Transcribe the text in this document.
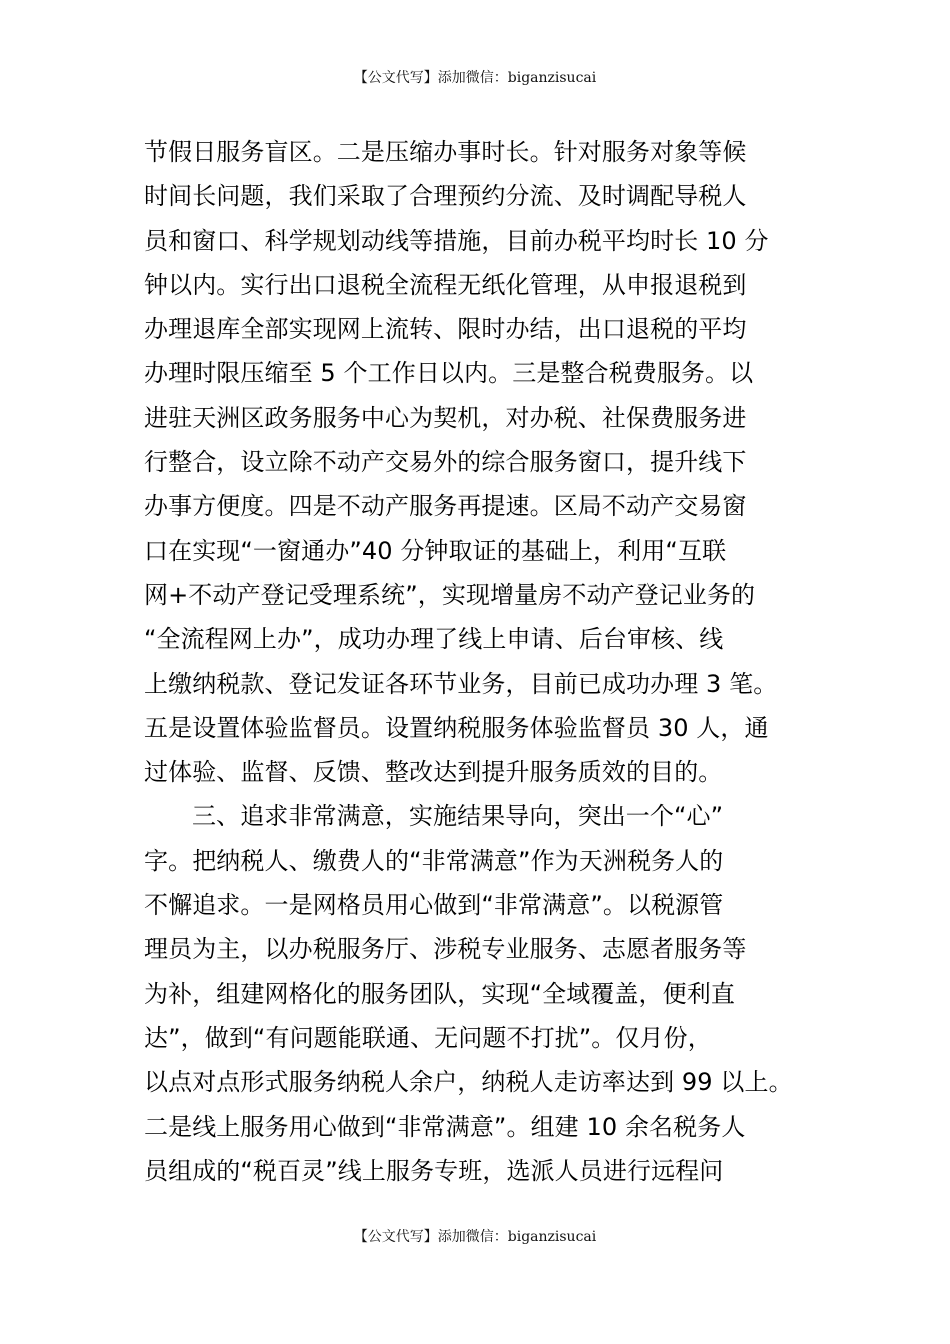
【公文代写】添加微信：biganzisucai
节假日服务盲区。二是压缩办事时长。针对服务对象等候
时间长问题，我们采取了合理预约分流、及时调配导税人
员和窗口、科学规划动线等措施，目前办税平均时长 10 分
钟以内。实行出口退税全流程无纸化管理，从申报退税到
办理退库全部实现网上流转、限时办结，出口退税的平均
办理时限压缩至 5 个工作日以内。三是整合税费服务。以
进驻天洲区政务服务中心为契机，对办税、社保费服务进
行整合，设立除不动产交易外的综合服务窗口，提升线下
办事方便度。四是不动产服务再提速。区局不动产交易窗
口在实现“一窗通办”40 分钟取证的基础上，利用“互联
网+不动产登记受理系统”，实现增量房不动产登记业务的
“全流程网上办”，成功办理了线上申请、后台审核、线
上缴纳税款、登记发证各环节业务，目前已成功办理 3 笔。
五是设置体验监督员。设置纳税服务体验监督员 30 人，通
过体验、监督、反馈、整改达到提升服务质效的目的。
三、追求非常满意，实施结果导向，突出一个“心”
字。把纳税人、缴费人的“非常满意”作为天洲税务人的
不懈追求。一是网格员用心做到“非常满意”。以税源管
理员为主，以办税服务厅、涉税专业服务、志愿者服务等
为补，组建网格化的服务团队，实现“全域覆盖，便利直
达”，做到“有问题能联通、无问题不打扰”。仅月份，
以点对点形式服务纳税人余户，纳税人走访率达到 99 以上。
二是线上服务用心做到“非常满意”。组建 10 余名税务人
员组成的“税百灵”线上服务专班，选派人员进行远程问
【公文代写】添加微信：biganzisucai
